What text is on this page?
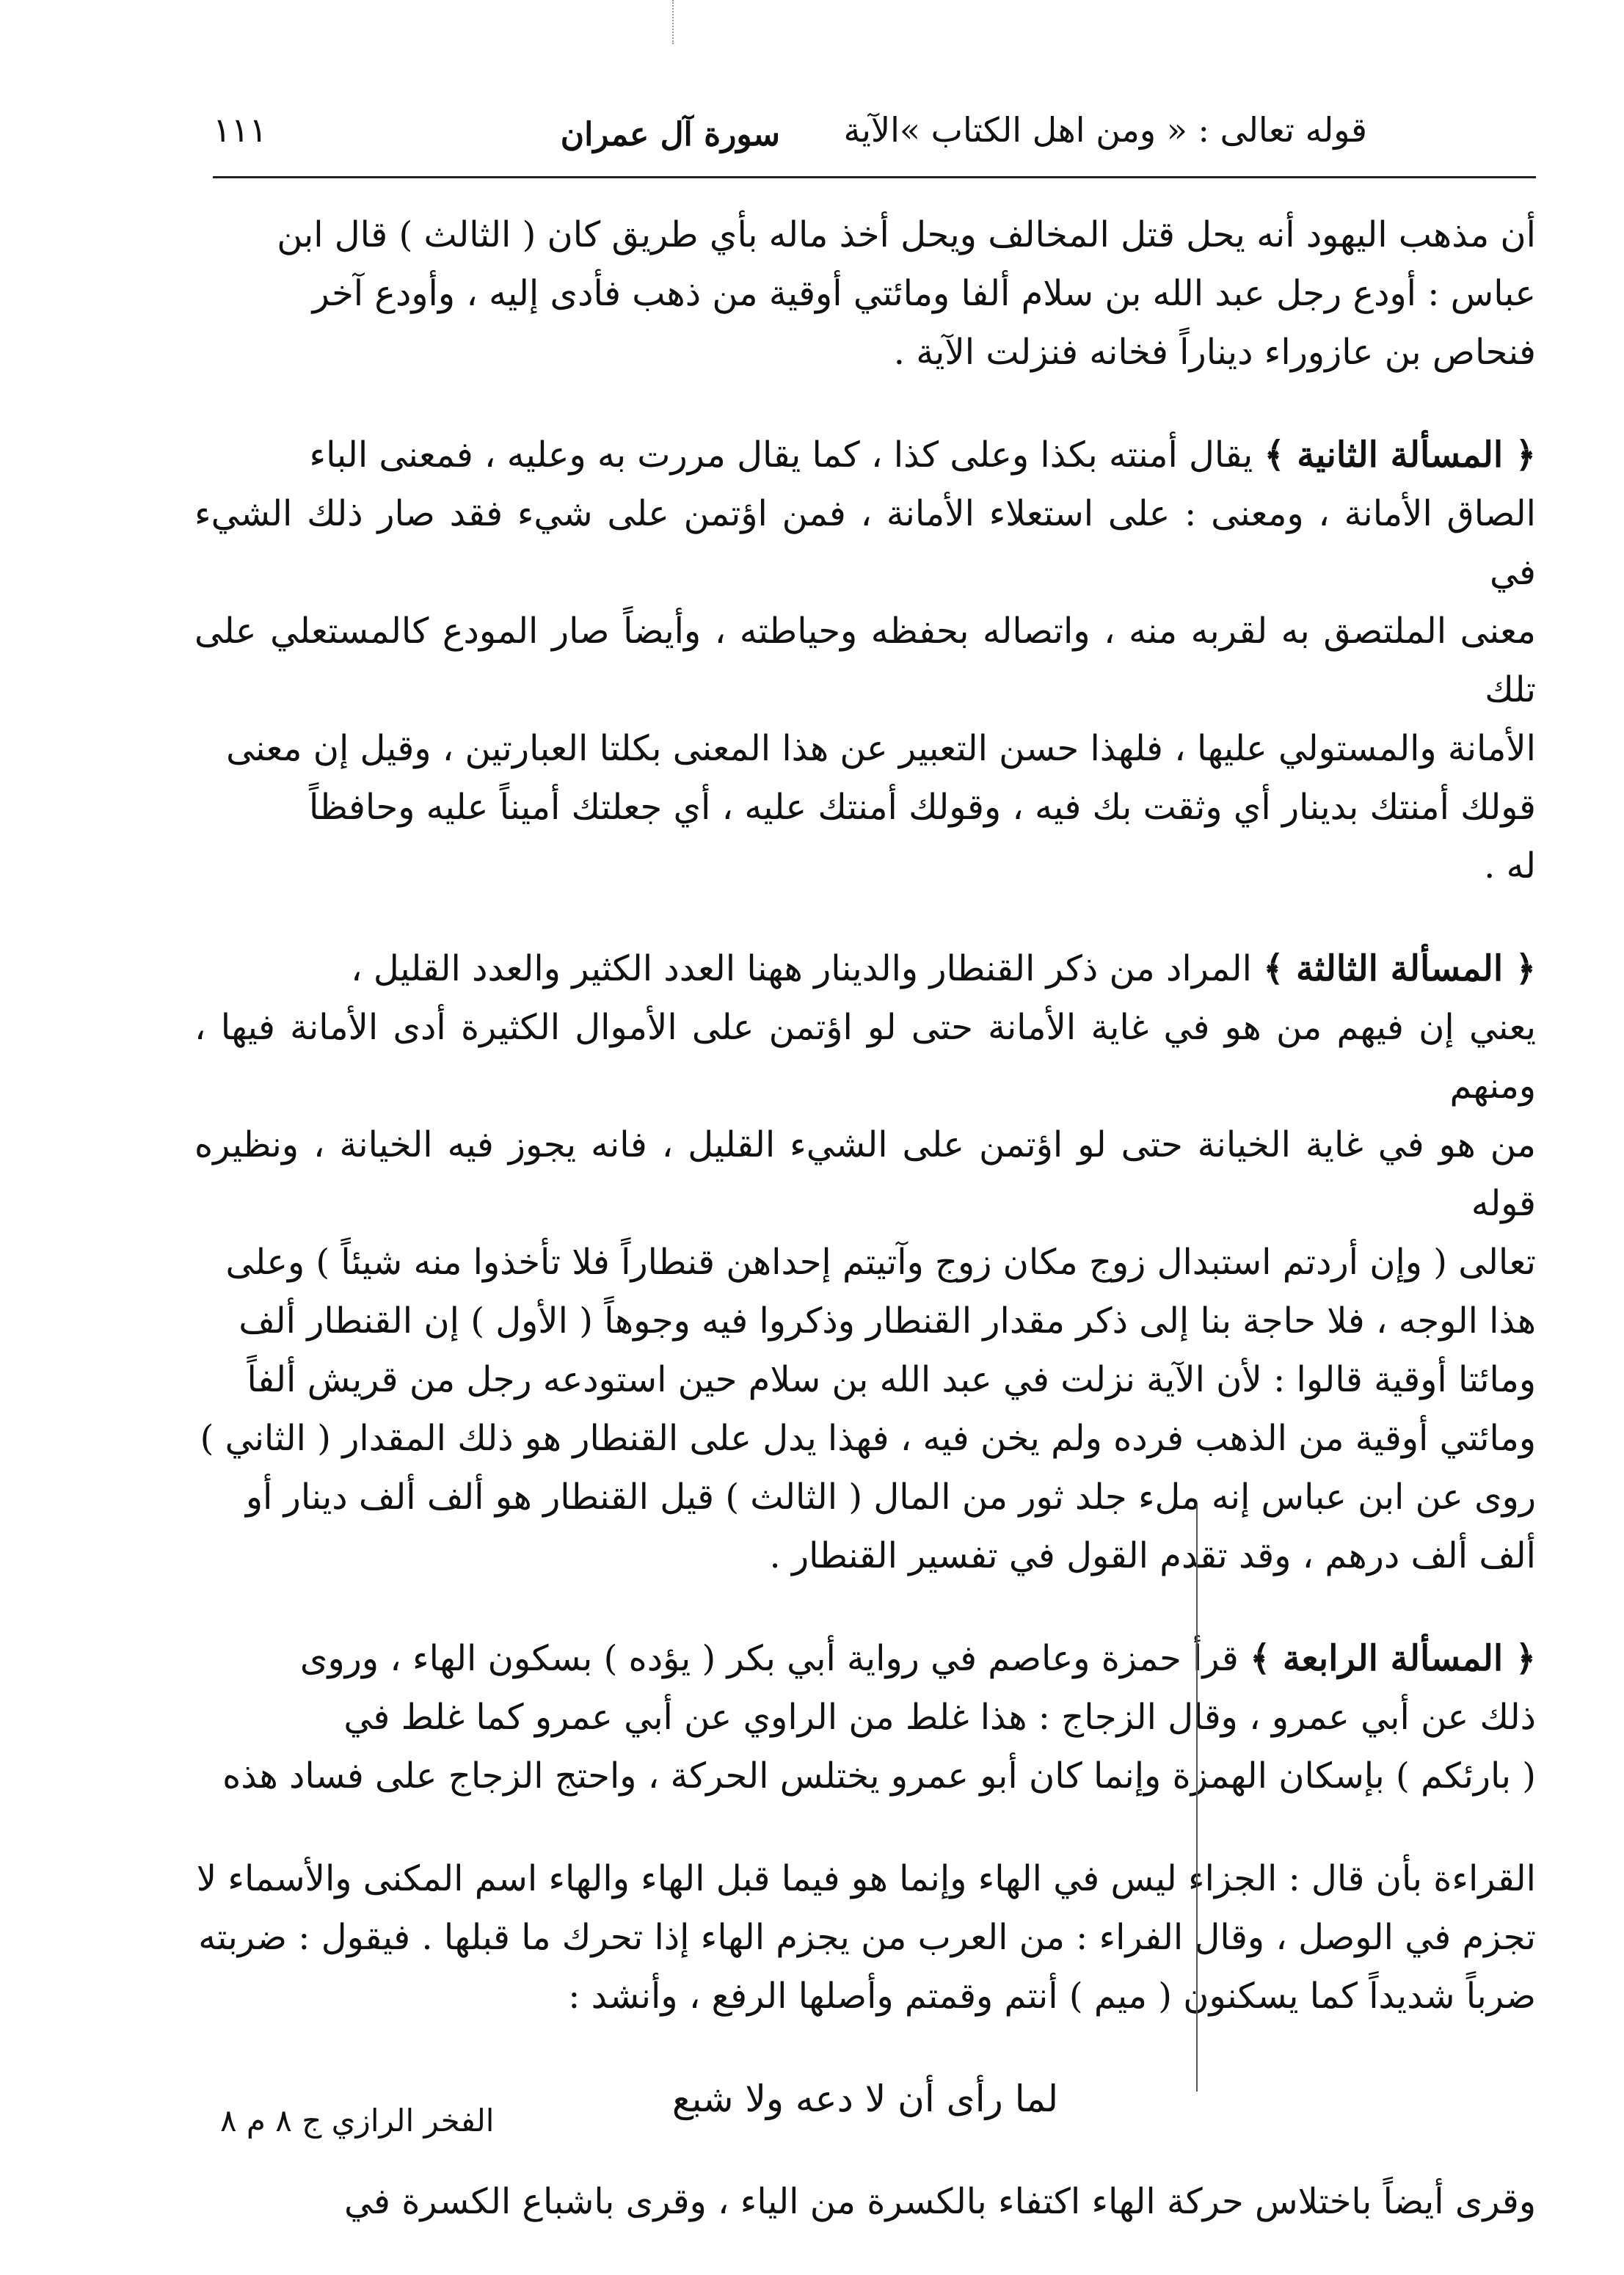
قوله تعالى : « ومن اهل الكتاب »الآية
سورة آل عمران
١١١

أن مذهب اليهود أنه يحل قتل المخالف ويحل أخذ ماله بأي طريق كان ( الثالث ) قال ابن

عباس : أودع رجل عبد الله بن سلام ألفا ومائتي أوقية من ذهب فأدى إليه ، وأودع آخر

فنحاص بن عازوراء ديناراً فخانه فنزلت الآية .

﴿ المسألة الثانية ﴾ يقال أمنته بكذا وعلى كذا ، كما يقال مررت به وعليه ، فمعنى الباء

الصاق الأمانة ، ومعنى : على استعلاء الأمانة ، فمن اؤتمن على شيء فقد صار ذلك الشيء في

معنى الملتصق به لقربه منه ، واتصاله بحفظه وحياطته ، وأيضاً صار المودع كالمستعلي على تلك

الأمانة والمستولي عليها ، فلهذا حسن التعبير عن هذا المعنى بكلتا العبارتين ، وقيل إن معنى

قولك أمنتك بدينار أي وثقت بك فيه ، وقولك أمنتك عليه ، أي جعلتك أميناً عليه وحافظاً

له .

﴿ المسألة الثالثة ﴾ المراد من ذكر القنطار والدينار ههنا العدد الكثير والعدد القليل ،

يعني إن فيهم من هو في غاية الأمانة حتى لو اؤتمن على الأموال الكثيرة أدى الأمانة فيها ، ومنهم

من هو في غاية الخيانة حتى لو اؤتمن على الشيء القليل ، فانه يجوز فيه الخيانة ، ونظيره قوله

تعالى ( وإن أردتم استبدال زوج مكان زوج وآتيتم إحداهن قنطاراً فلا تأخذوا منه شيئاً ) وعلى

هذا الوجه ، فلا حاجة بنا إلى ذكر مقدار القنطار وذكروا فيه وجوهاً ( الأول ) إن القنطار ألف

ومائتا أوقية قالوا : لأن الآية نزلت في عبد الله بن سلام حين استودعه رجل من قريش ألفاً

ومائتي أوقية من الذهب فرده ولم يخن فيه ، فهذا يدل على القنطار هو ذلك المقدار ( الثاني )

روى عن ابن عباس إنه ملء جلد ثور من المال ( الثالث ) قيل القنطار هو ألف ألف دينار أو

ألف ألف درهم ، وقد تقدم القول في تفسير القنطار .

﴿ المسألة الرابعة ﴾ قرأ حمزة وعاصم في رواية أبي بكر ( يؤده ) بسكون الهاء ، وروى

ذلك عن أبي عمرو ، وقال الزجاج : هذا غلط من الراوي عن أبي عمرو كما غلط في

( بارئكم ) بإسكان الهمزة وإنما كان أبو عمرو يختلس الحركة ، واحتج الزجاج على فساد هذه

القراءة بأن قال : الجزاء ليس في الهاء وإنما هو فيما قبل الهاء والهاء اسم المكنى والأسماء لا

تجزم في الوصل ، وقال الفراء : من العرب من يجزم الهاء إذا تحرك ما قبلها . فيقول : ضربته

ضرباً شديداً كما يسكنون ( ميم ) أنتم وقمتم وأصلها الرفع ، وأنشد :

لما رأى أن لا دعه ولا شبع

وقرى أيضاً باختلاس حركة الهاء اكتفاء بالكسرة من الياء ، وقرى باشباع الكسرة في

الفخر الرازي ج ٨ م ٨
